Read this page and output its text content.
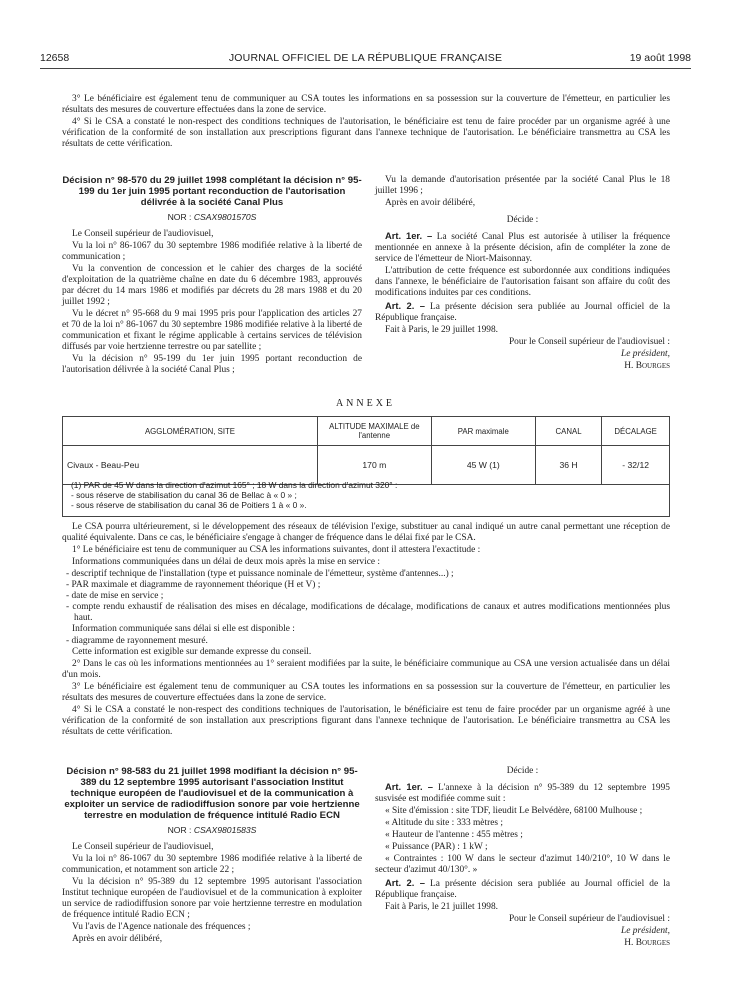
12658	JOURNAL OFFICIEL DE LA RÉPUBLIQUE FRANÇAISE	19 août 1998

3° Le bénéficiaire est également tenu de communiquer au CSA toutes les informations en sa possession sur la couverture de l'émetteur, en particulier les résultats des mesures de couverture effectuées dans la zone de service.

4° Si le CSA a constaté le non-respect des conditions techniques de l'autorisation, le bénéficiaire est tenu de faire procéder par un organisme agréé à une vérification de la conformité de son installation aux prescriptions figurant dans l'annexe technique de l'autorisation. Le bénéficiaire transmettra au CSA les résultats de cette vérification.

Décision n° 98-570 du 29 juillet 1998 complétant la décision n° 95-199 du 1er juin 1995 portant reconduction de l'autorisation délivrée à la société Canal Plus
NOR : CSAX9801570S

Le Conseil supérieur de l'audiovisuel,

Vu la loi n° 86-1067 du 30 septembre 1986 modifiée relative à la liberté de communication ;

Vu la convention de concession et le cahier des charges de la société d'exploitation de la quatrième chaîne en date du 6 décembre 1983, approuvés par décret du 14 mars 1986 et modifiés par décrets du 28 mars 1988 et du 20 juillet 1992 ;

Vu le décret n° 95-668 du 9 mai 1995 pris pour l'application des articles 27 et 70 de la loi n° 86-1067 du 30 septembre 1986 modifiée relative à la liberté de communication et fixant le régime applicable à certains services de télévision diffusés par voie hertzienne terrestre ou par satellite ;

Vu la décision n° 95-199 du 1er juin 1995 portant reconduction de l'autorisation délivrée à la société Canal Plus ;

Vu la demande d'autorisation présentée par la société Canal Plus le 18 juillet 1996 ;

Après en avoir délibéré,

Décide :

Art. 1er. – La société Canal Plus est autorisée à utiliser la fréquence mentionnée en annexe à la présente décision, afin de compléter la zone de service de l'émetteur de Niort-Maisonnay.

L'attribution de cette fréquence est subordonnée aux conditions indiquées dans l'annexe, le bénéficiaire de l'autorisation faisant son affaire du coût des modifications induites par ces conditions.

Art. 2. – La présente décision sera publiée au Journal officiel de la République française.

Fait à Paris, le 29 juillet 1998.

Pour le Conseil supérieur de l'audiovisuel :

Le président,

H. Bourges

ANNEXE
AGGLOMÉRATION, SITE	ALTITUDE MAXIMALE de l'antenne	PAR maximale	CANAL	DÉCALAGE
Civaux - Beau-Peu	170 m	45 W (1)	36 H	- 32/12
(1) PAR de 45 W dans la direction d'azimut 165° ; 18 W dans la direction d'azimut 320° :
- sous réserve de stabilisation du canal 36 de Bellac à « 0 » ;
- sous réserve de stabilisation du canal 36 de Poitiers 1 à « 0 ».

Le CSA pourra ultérieurement, si le développement des réseaux de télévision l'exige, substituer au canal indiqué un autre canal permettant une réception de qualité équivalente. Dans ce cas, le bénéficiaire s'engage à changer de fréquence dans le délai fixé par le CSA.

1° Le bénéficiaire est tenu de communiquer au CSA les informations suivantes, dont il attestera l'exactitude :

Informations communiquées dans un délai de deux mois après la mise en service :

- descriptif technique de l'installation (type et puissance nominale de l'émetteur, système d'antennes...) ;
- PAR maximale et diagramme de rayonnement théorique (H et V) ;
- date de mise en service ;
- compte rendu exhaustif de réalisation des mises en décalage, modifications de décalage, modifications de canaux et autres modifications mentionnées plus haut.

Information communiquée sans délai si elle est disponible :

- diagramme de rayonnement mesuré.

Cette information est exigible sur demande expresse du conseil.

2° Dans le cas où les informations mentionnées au 1° seraient modifiées par la suite, le bénéficiaire communique au CSA une version actualisée dans un délai d'un mois.

3° Le bénéficiaire est également tenu de communiquer au CSA toutes les informations en sa possession sur la couverture de l'émetteur, en particulier les résultats des mesures de couverture effectuées dans la zone de service.

4° Si le CSA a constaté le non-respect des conditions techniques de l'autorisation, le bénéficiaire est tenu de faire procéder par un organisme agréé à une vérification de la conformité de son installation aux prescriptions figurant dans l'annexe technique de l'autorisation. Le bénéficiaire transmettra au CSA les résultats de cette vérification.

Décision n° 98-583 du 21 juillet 1998 modifiant la décision n° 95-389 du 12 septembre 1995 autorisant l'association Institut technique européen de l'audiovisuel et de la communication à exploiter un service de radiodiffusion sonore par voie hertzienne terrestre en modulation de fréquence intitulé Radio ECN
NOR : CSAX9801583S

Le Conseil supérieur de l'audiovisuel,

Vu la loi n° 86-1067 du 30 septembre 1986 modifiée relative à la liberté de communication, et notamment son article 22 ;

Vu la décision n° 95-389 du 12 septembre 1995 autorisant l'association Institut technique européen de l'audiovisuel et de la communication à exploiter un service de radiodiffusion sonore par voie hertzienne terrestre en modulation de fréquence intitulé Radio ECN ;

Vu l'avis de l'Agence nationale des fréquences ;

Après en avoir délibéré,

Décide :

Art. 1er. – L'annexe à la décision n° 95-389 du 12 septembre 1995 susvisée est modifiée comme suit :

« Site d'émission : site TDF, lieudit Le Belvédère, 68100 Mulhouse ;

« Altitude du site : 333 mètres ;

« Hauteur de l'antenne : 455 mètres ;

« Puissance (PAR) : 1 kW ;

« Contraintes : 100 W dans le secteur d'azimut 140/210°, 10 W dans le secteur d'azimut 40/130°. »

Art. 2. – La présente décision sera publiée au Journal officiel de la République française.

Fait à Paris, le 21 juillet 1998.

Pour le Conseil supérieur de l'audiovisuel :

Le président,

H. Bourges
